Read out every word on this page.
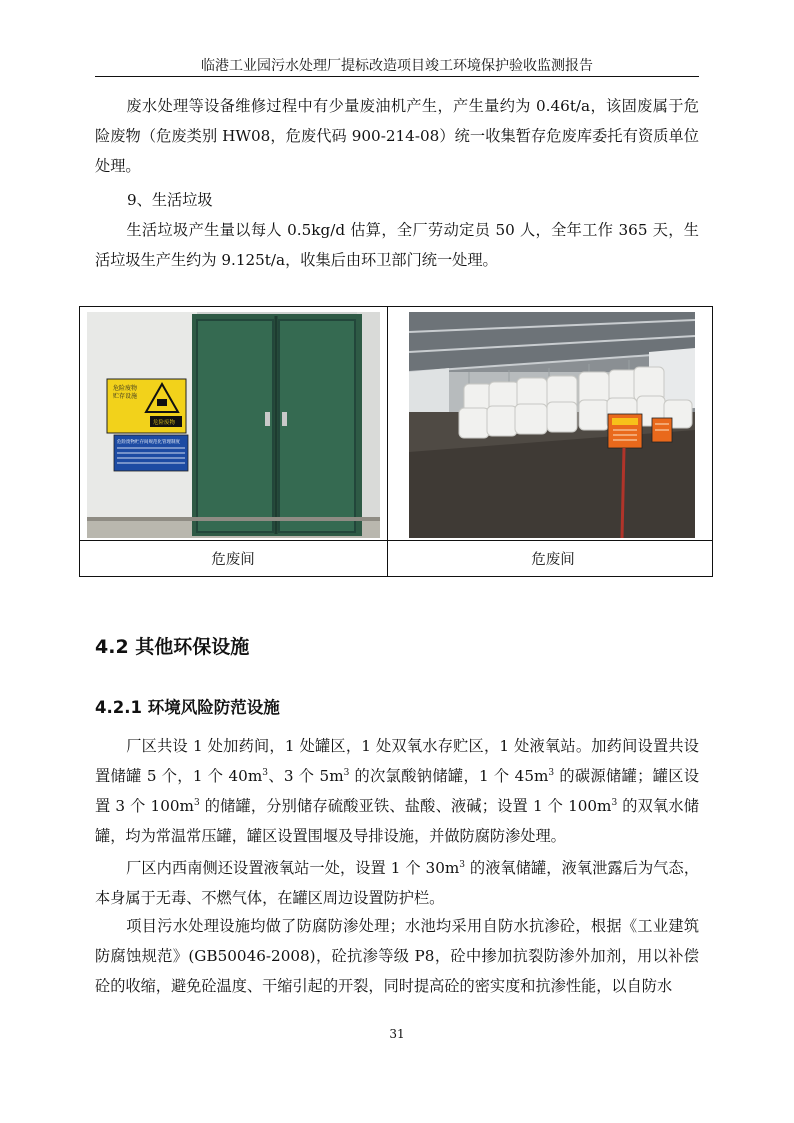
临港工业园污水处理厂提标改造项目竣工环境保护验收监测报告

废水处理等设备维修过程中有少量废油机产生，产生量约为 0.46t/a，该固废属于危险废物（危废类别 HW08，危废代码 900-214-08）统一收集暂存危废库委托有资质单位处理。

9、生活垃圾

生活垃圾产生量以每人 0.5kg/d 估算，全厂劳动定员 50 人，全年工作 365 天，生活垃圾生产生约为 9.125t/a，收集后由环卫部门统一处理。

危险废物
贮存设施
危险废物
危险废物贮存间规范化管理制度
危废间	危废间
4.2 其他环保设施
4.2.1 环境风险防范设施

厂区共设 1 处加药间，1 处罐区，1 处双氧水存贮区，1 处液氧站。加药间设置共设置储罐 5 个，1 个 $40m^3$、3 个 $5m^3$ 的次氯酸钠储罐，1 个 $45m^3$ 的碳源储罐；罐区设置 3 个 $100m^3$ 的储罐，分别储存硫酸亚铁、盐酸、液碱；设置 1 个 $100m^3$ 的双氧水储罐，均为常温常压罐，罐区设置围堰及导排设施，并做防腐防渗处理。

厂区内西南侧还设置液氧站一处，设置 1 个 $30m^3$ 的液氧储罐，液氧泄露后为气态，本身属于无毒、不燃气体，在罐区周边设置防护栏。

项目污水处理设施均做了防腐防渗处理；水池均采用自防水抗渗砼，根据《工业建筑防腐蚀规范》(GB50046-2008)，砼抗渗等级 P8，砼中掺加抗裂防渗外加剂，用以补偿砼的收缩，避免砼温度、干缩引起的开裂，同时提高砼的密实度和抗渗性能，以自防水

31
